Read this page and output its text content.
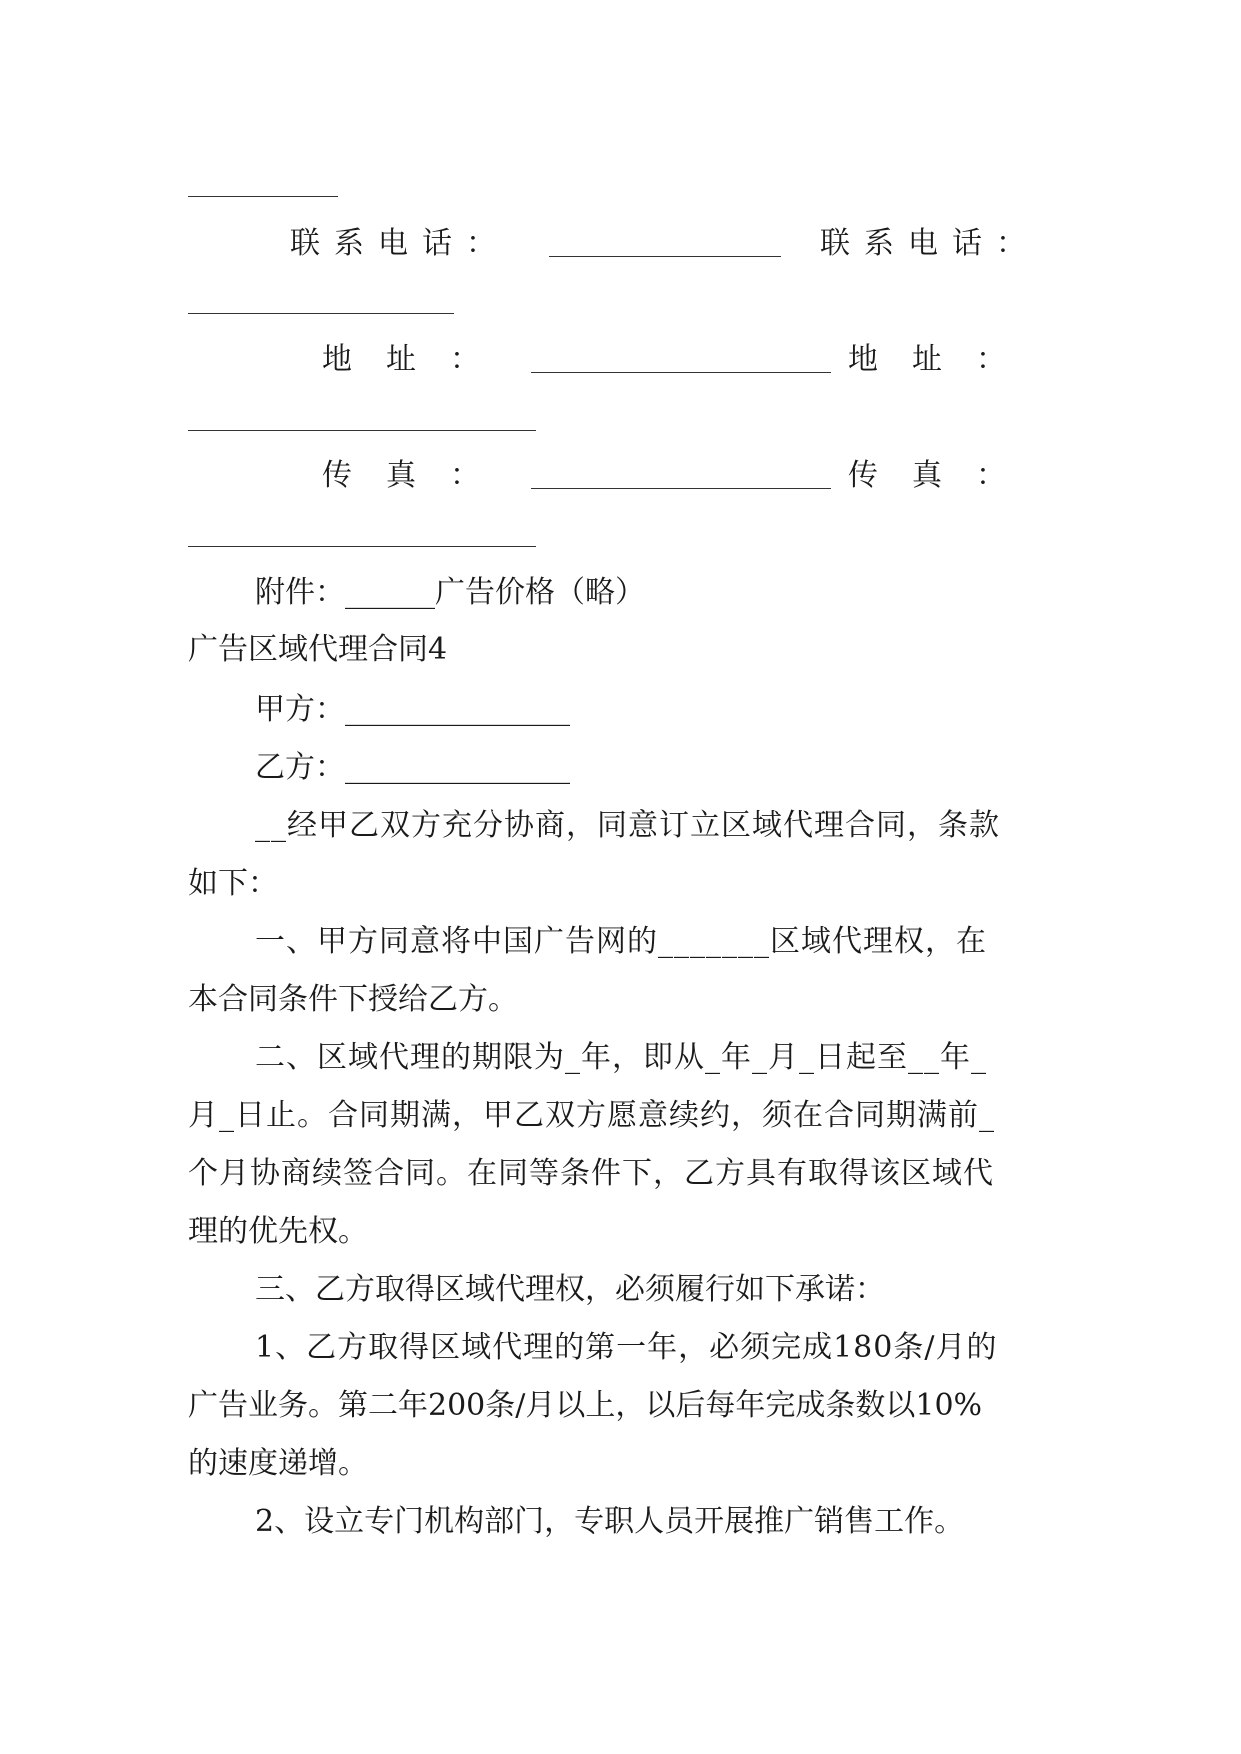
联系电话：	联系电话：
地址：	地址：
传真：	传真：
附件：______广告价格（略）
广告区域代理合同4
甲方：_______________
乙方：_______________
__经甲乙双方充分协商，同意订立区域代理合同，条款
如下：
一、甲方同意将中国广告网的_______区域代理权，在
本合同条件下授给乙方。
二、区域代理的期限为_年，即从_年_月_日起至__年_
月_日止。合同期满，甲乙双方愿意续约，须在合同期满前_
个月协商续签合同。在同等条件下，乙方具有取得该区域代
理的优先权。
三、乙方取得区域代理权，必须履行如下承诺：
1、乙方取得区域代理的第一年，必须完成180条/月的
广告业务。第二年200条/月以上，以后每年完成条数以10%
的速度递增。
2、设立专门机构部门，专职人员开展推广销售工作。
